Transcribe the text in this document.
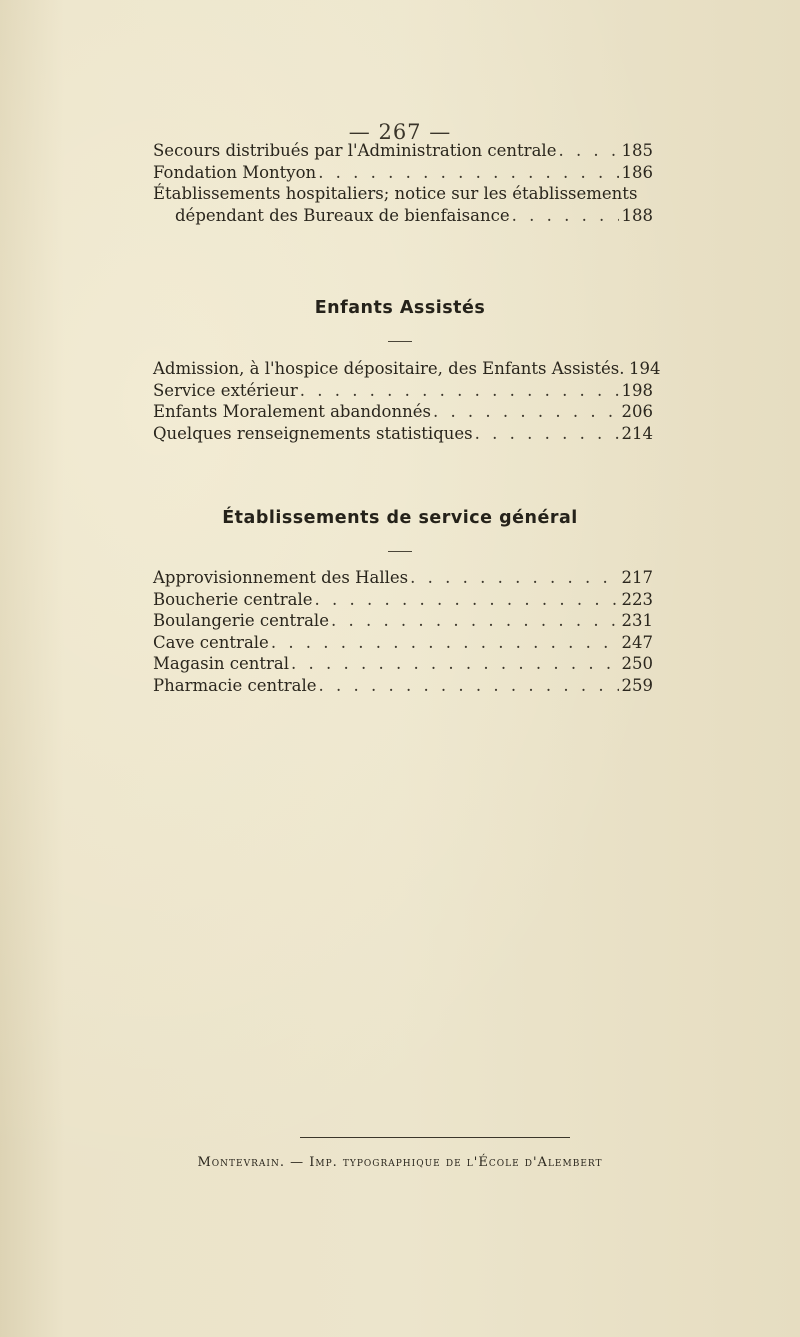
— 267 —
Secours distribués par l'Administration centrale . . .	185
Fondation Montyon . . .	186
Établissements hospitaliers; notice sur les établissements
dépendant des Bureaux de bienfaisance . . .	188
Enfants Assistés
Admission, à l'hospice dépositaire, des Enfants Assistés. 194
Service extérieur . . .	198
Enfants Moralement abandonnés . . .	206
Quelques renseignements statistiques . . .	214
Établissements de service général
Approvisionnement des Halles . . .	217
Boucherie centrale . . .	223
Boulangerie centrale . . .	231
Cave centrale . . .	247
Magasin central . . .	250
Pharmacie centrale . . .	259
Montevrain. — Imp. typographique de l'École d'Alembert
